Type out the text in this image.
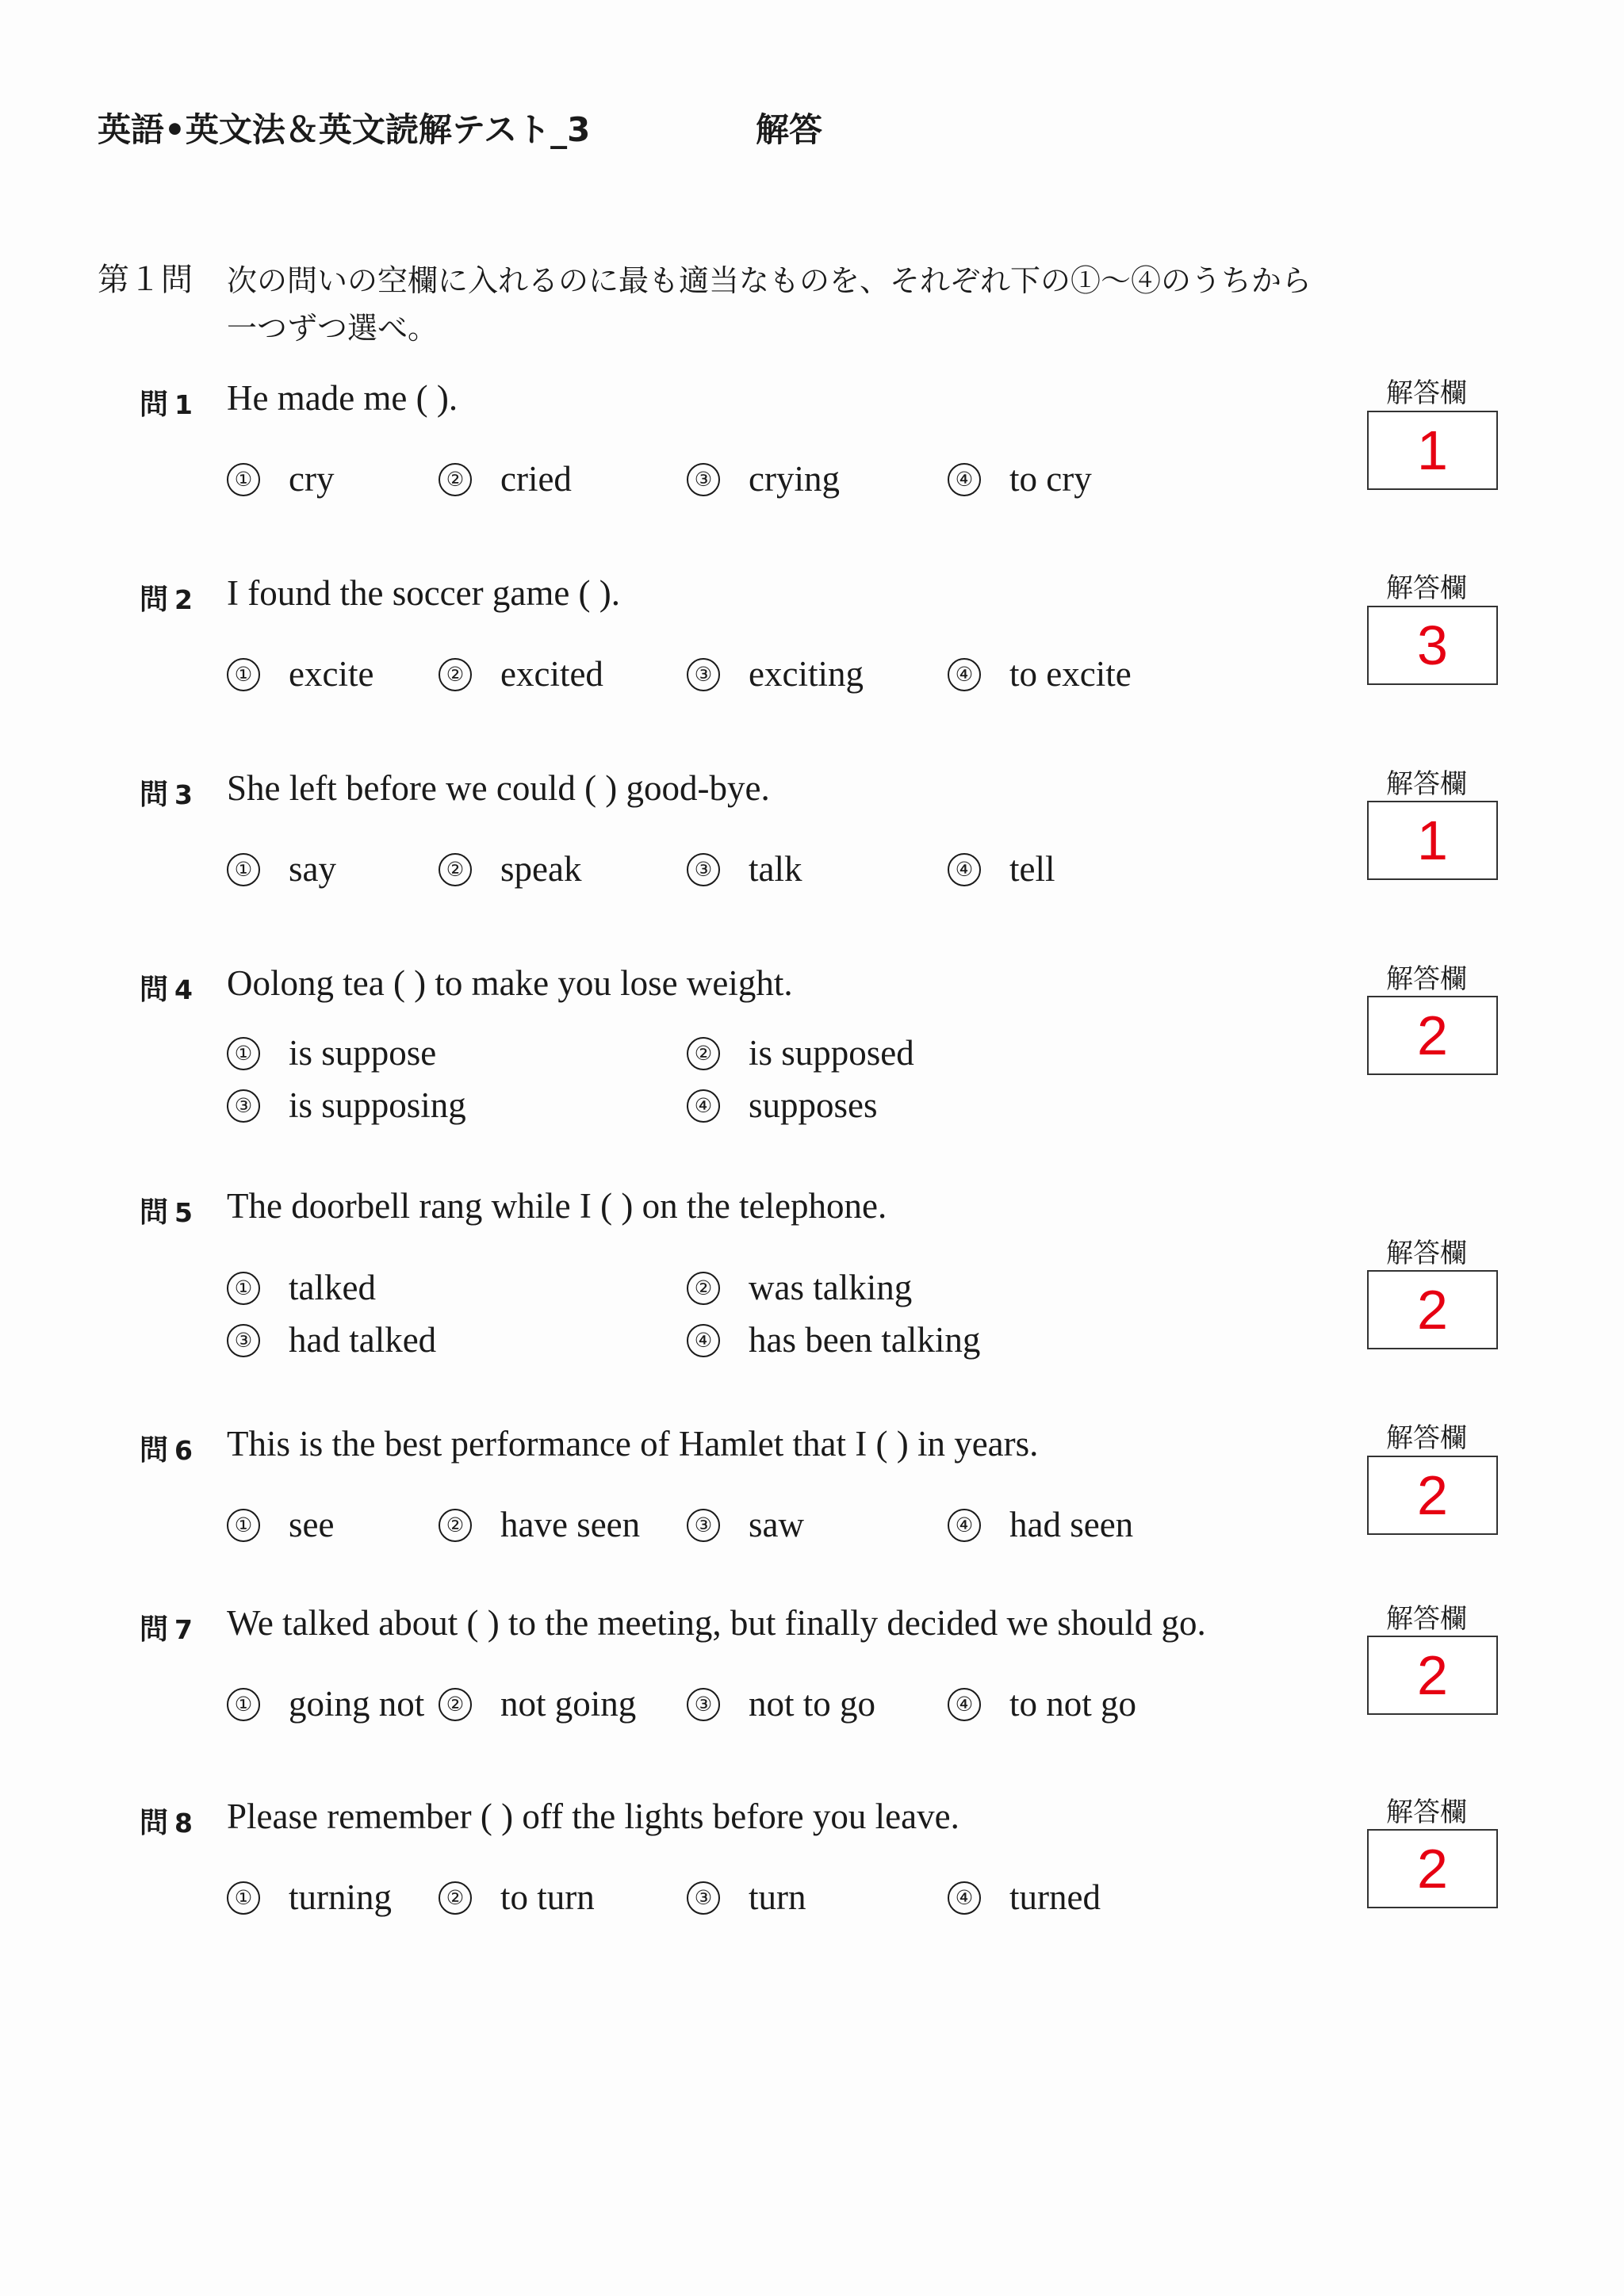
英語•英文法＆英文読解テスト_3	解答
第１問 次の問いの空欄に入れるのに最も適当なものを、それぞれ下の①〜④のうちから
一つずつ選べ。
問 1 He made me ( ).
① cry	② cried	③ crying	④ to cry
解答欄
1
問 2 I found the soccer game ( ).
① excite	② excited	③ exciting	④ to excite
解答欄
3
問 3 She left before we could ( ) good-bye.
① say	② speak	③ talk	④ tell
解答欄
1
問 4 Oolong tea ( ) to make you lose weight.
① is suppose	② is supposed
③ is supposing	④ supposes
解答欄
2
問 5 The doorbell rang while I ( ) on the telephone.
① talked	② was talking
③ had talked	④ has been talking
解答欄
2
問 6 This is the best performance of Hamlet that I ( ) in years.
① see	② have seen	③ saw	④ had seen
解答欄
2
問 7 We talked about ( ) to the meeting, but finally decided we should go.
① going not	② not going	③ not to go	④ to not go
解答欄
2
問 8 Please remember ( ) off the lights before you leave.
① turning	② to turn	③ turn	④ turned
解答欄
2
